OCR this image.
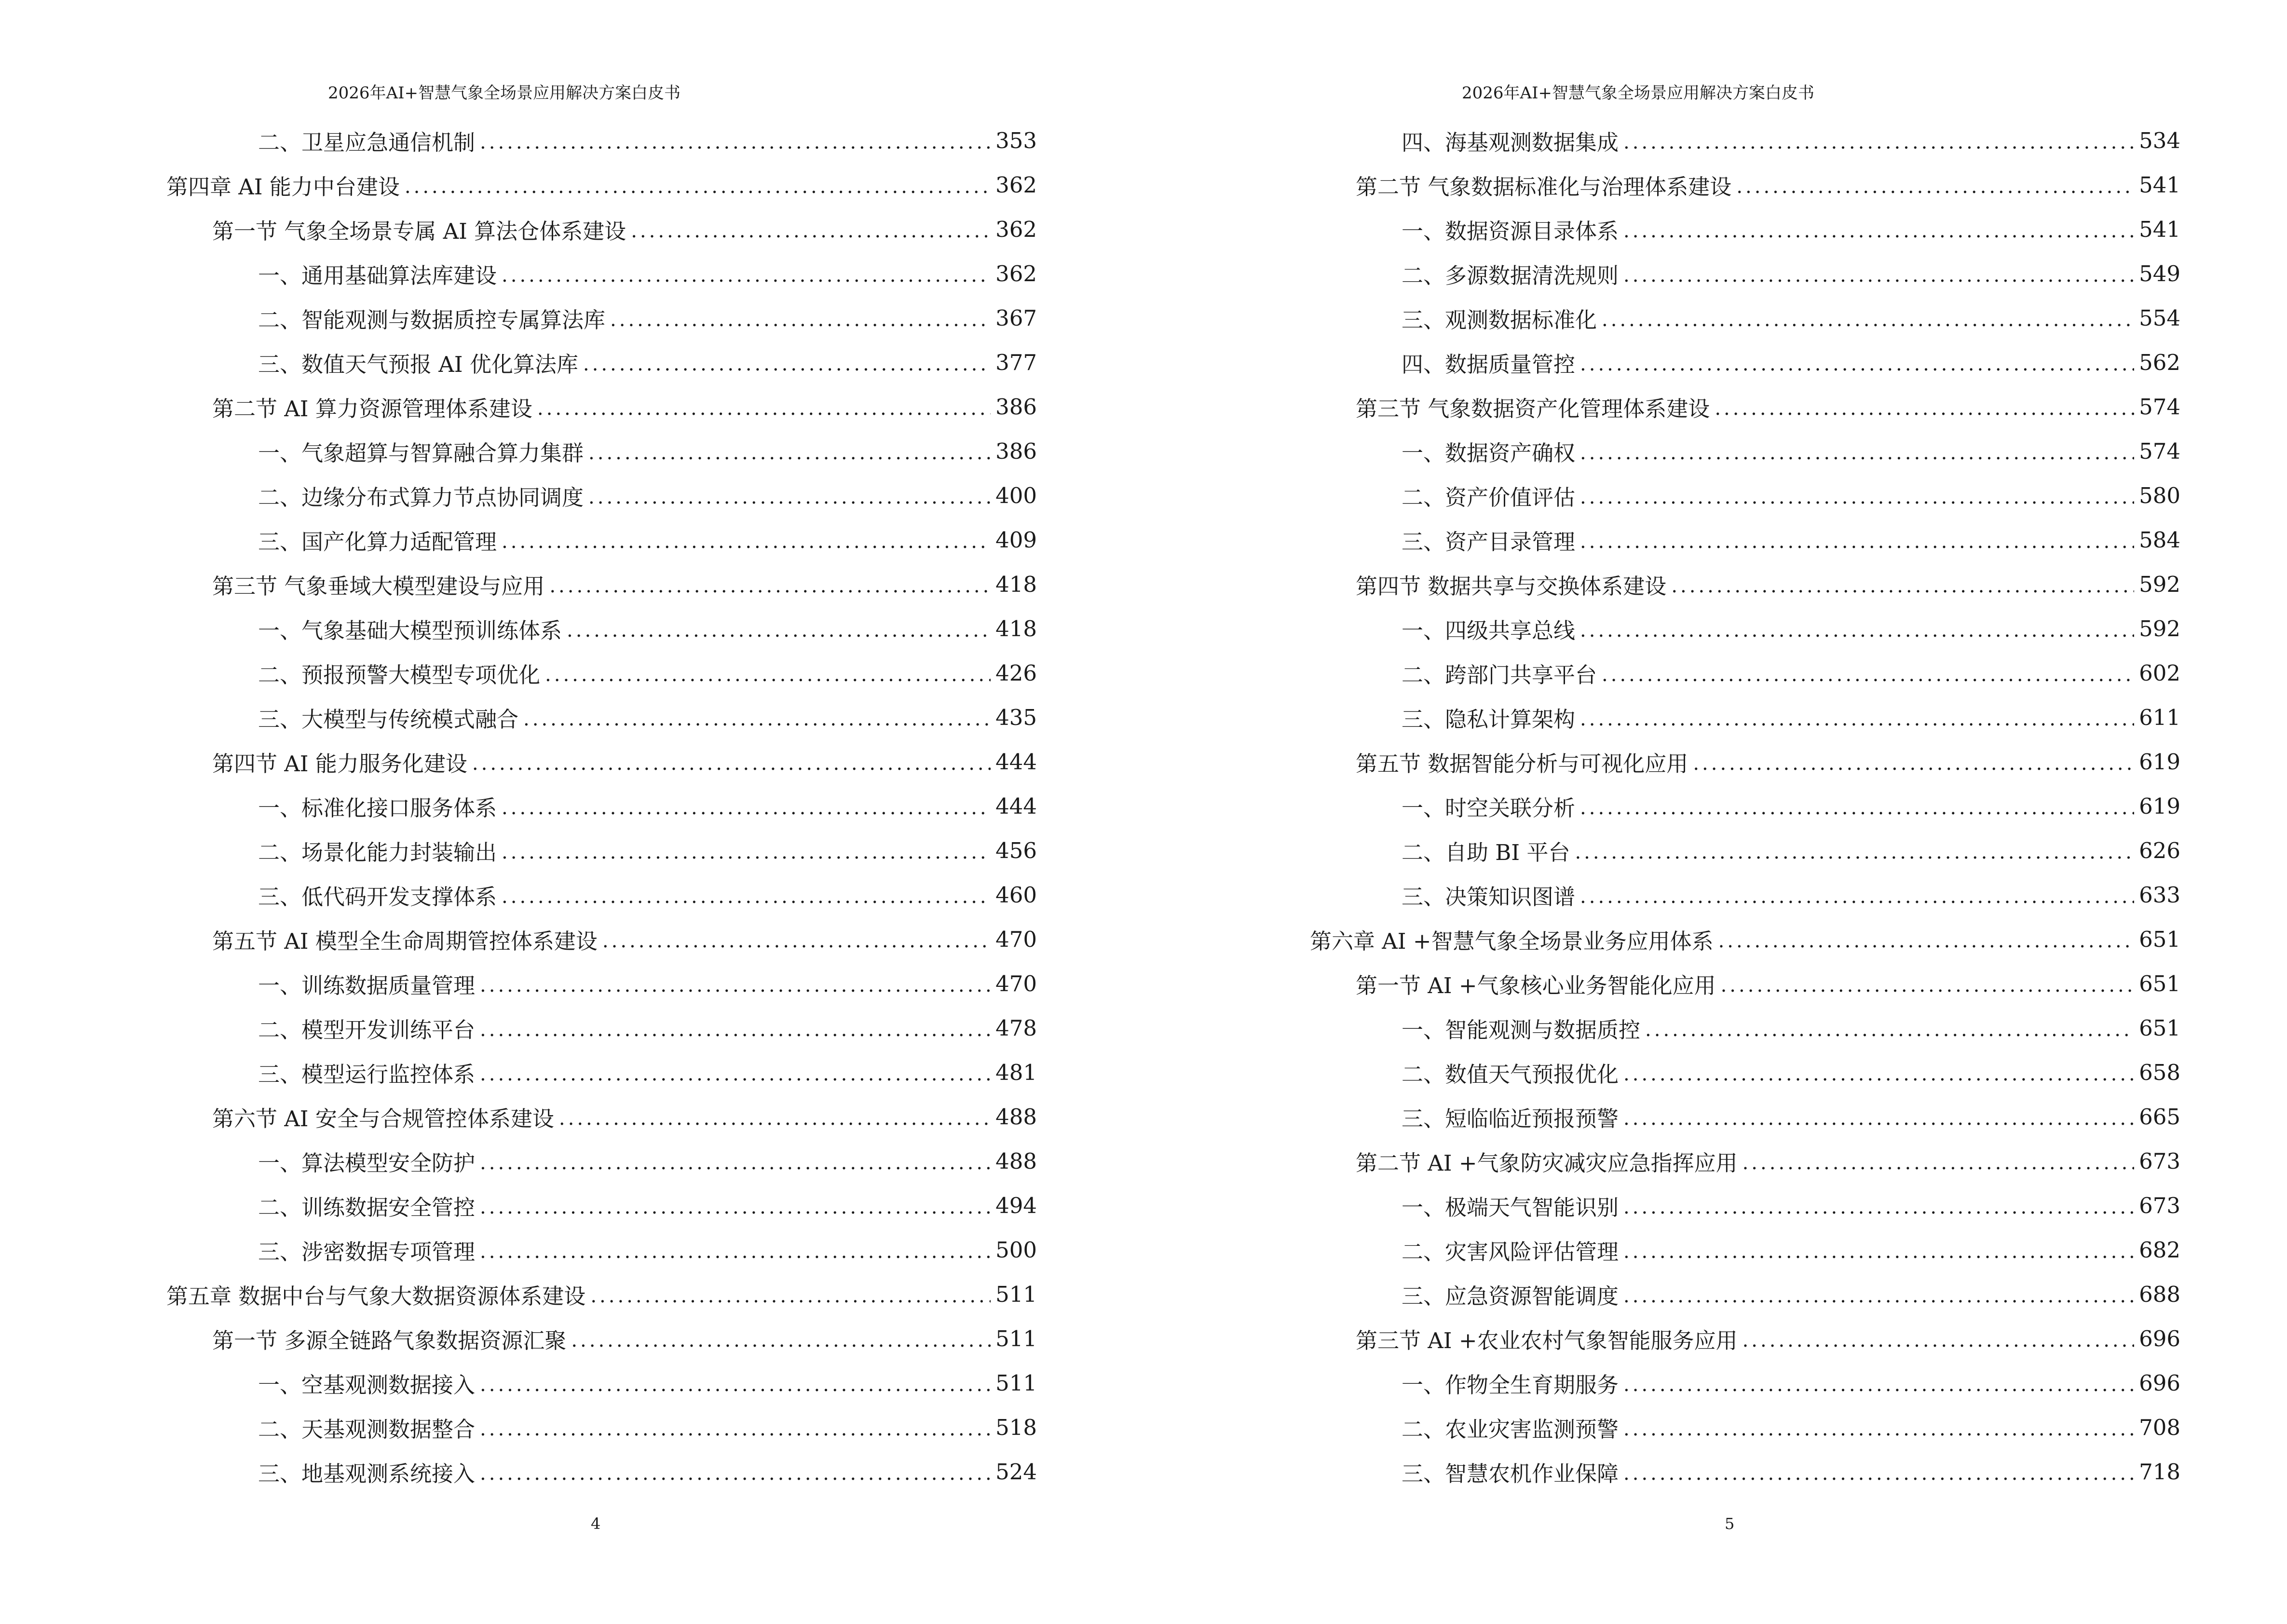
2026年AI+智慧气象全场景应用解决方案白皮书
二、卫星应急通信机制 .....	353
第四章 AI 能力中台建设 .....	362
第一节 气象全场景专属 AI 算法仓体系建设 .....	362
一、通用基础算法库建设 .....	362
二、智能观测与数据质控专属算法库 .....	367
三、数值天气预报 AI 优化算法库 .....	377
第二节 AI 算力资源管理体系建设 .....	386
一、气象超算与智算融合算力集群 .....	386
二、边缘分布式算力节点协同调度 .....	400
三、国产化算力适配管理 .....	409
第三节 气象垂域大模型建设与应用 .....	418
一、气象基础大模型预训练体系 .....	418
二、预报预警大模型专项优化 .....	426
三、大模型与传统模式融合 .....	435
第四节 AI 能力服务化建设 .....	444
一、标准化接口服务体系 .....	444
二、场景化能力封装输出 .....	456
三、低代码开发支撑体系 .....	460
第五节 AI 模型全生命周期管控体系建设 .....	470
一、训练数据质量管理 .....	470
二、模型开发训练平台 .....	478
三、模型运行监控体系 .....	481
第六节 AI 安全与合规管控体系建设 .....	488
一、算法模型安全防护 .....	488
二、训练数据安全管控 .....	494
三、涉密数据专项管理 .....	500
第五章 数据中台与气象大数据资源体系建设 .....	511
第一节 多源全链路气象数据资源汇聚 .....	511
一、空基观测数据接入 .....	511
二、天基观测数据整合 .....	518
三、地基观测系统接入 .....	524
4
2026年AI+智慧气象全场景应用解决方案白皮书
四、海基观测数据集成 .....	534
第二节 气象数据标准化与治理体系建设 .....	541
一、数据资源目录体系 .....	541
二、多源数据清洗规则 .....	549
三、观测数据标准化 .....	554
四、数据质量管控 .....	562
第三节 气象数据资产化管理体系建设 .....	574
一、数据资产确权 .....	574
二、资产价值评估 .....	580
三、资产目录管理 .....	584
第四节 数据共享与交换体系建设 .....	592
一、四级共享总线 .....	592
二、跨部门共享平台 .....	602
三、隐私计算架构 .....	611
第五节 数据智能分析与可视化应用 .....	619
一、时空关联分析 .....	619
二、自助 BI 平台 .....	626
三、决策知识图谱 .....	633
第六章 AI +智慧气象全场景业务应用体系 .....	651
第一节 AI +气象核心业务智能化应用 .....	651
一、智能观测与数据质控 .....	651
二、数值天气预报优化 .....	658
三、短临临近预报预警 .....	665
第二节 AI +气象防灾减灾应急指挥应用 .....	673
一、极端天气智能识别 .....	673
二、灾害风险评估管理 .....	682
三、应急资源智能调度 .....	688
第三节 AI +农业农村气象智能服务应用 .....	696
一、作物全生育期服务 .....	696
二、农业灾害监测预警 .....	708
三、智慧农机作业保障 .....	718
5
